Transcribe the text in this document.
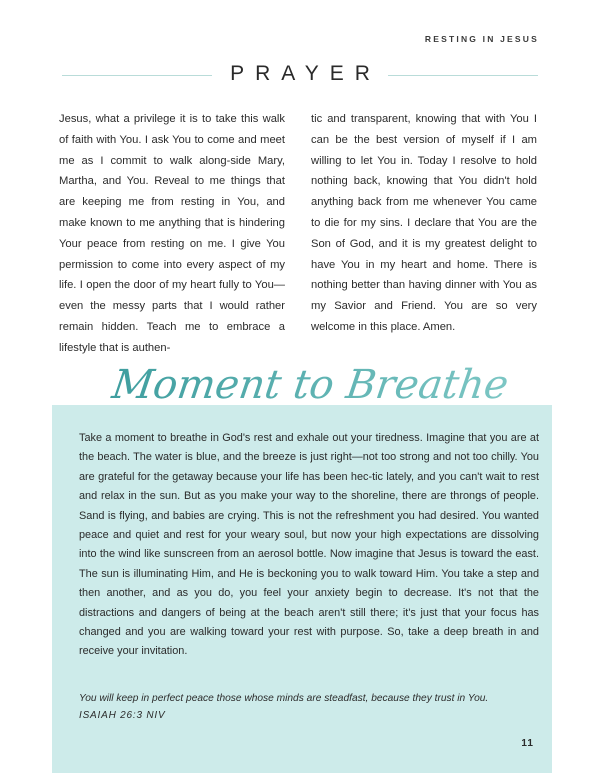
RESTING IN JESUS
PRAYER
Jesus, what a privilege it is to take this walk of faith with You. I ask You to come and meet me as I commit to walk along-side Mary, Martha, and You. Reveal to me things that are keeping me from resting in You, and make known to me anything that is hindering Your peace from resting on me. I give You permission to come into every aspect of my life. I open the door of my heart fully to You—even the messy parts that I would rather remain hidden. Teach me to embrace a lifestyle that is authen-
tic and transparent, knowing that with You I can be the best version of myself if I am willing to let You in. Today I resolve to hold nothing back, knowing that You didn't hold anything back from me whenever You came to die for my sins. I declare that You are the Son of God, and it is my greatest delight to have You in my heart and home. There is nothing better than having dinner with You as my Savior and Friend. You are so very welcome in this place. Amen.
Moment to Breathe
Take a moment to breathe in God's rest and exhale out your tiredness. Imagine that you are at the beach. The water is blue, and the breeze is just right—not too strong and not too chilly. You are grateful for the getaway because your life has been hec-tic lately, and you can't wait to rest and relax in the sun. But as you make your way to the shoreline, there are throngs of people. Sand is flying, and babies are crying. This is not the refreshment you had desired. You wanted peace and quiet and rest for your weary soul, but now your high expectations are dissolving into the wind like sunscreen from an aerosol bottle. Now imagine that Jesus is toward the east. The sun is illuminating Him, and He is beckoning you to walk toward Him. You take a step and then another, and as you do, you feel your anxiety begin to decrease. It's not that the distractions and dangers of being at the beach aren't still there; it's just that your focus has changed and you are walking toward your rest with purpose. So, take a deep breath in and receive your invitation.
You will keep in perfect peace those whose minds are steadfast, because they trust in You.
ISAIAH 26:3 NIV
11
